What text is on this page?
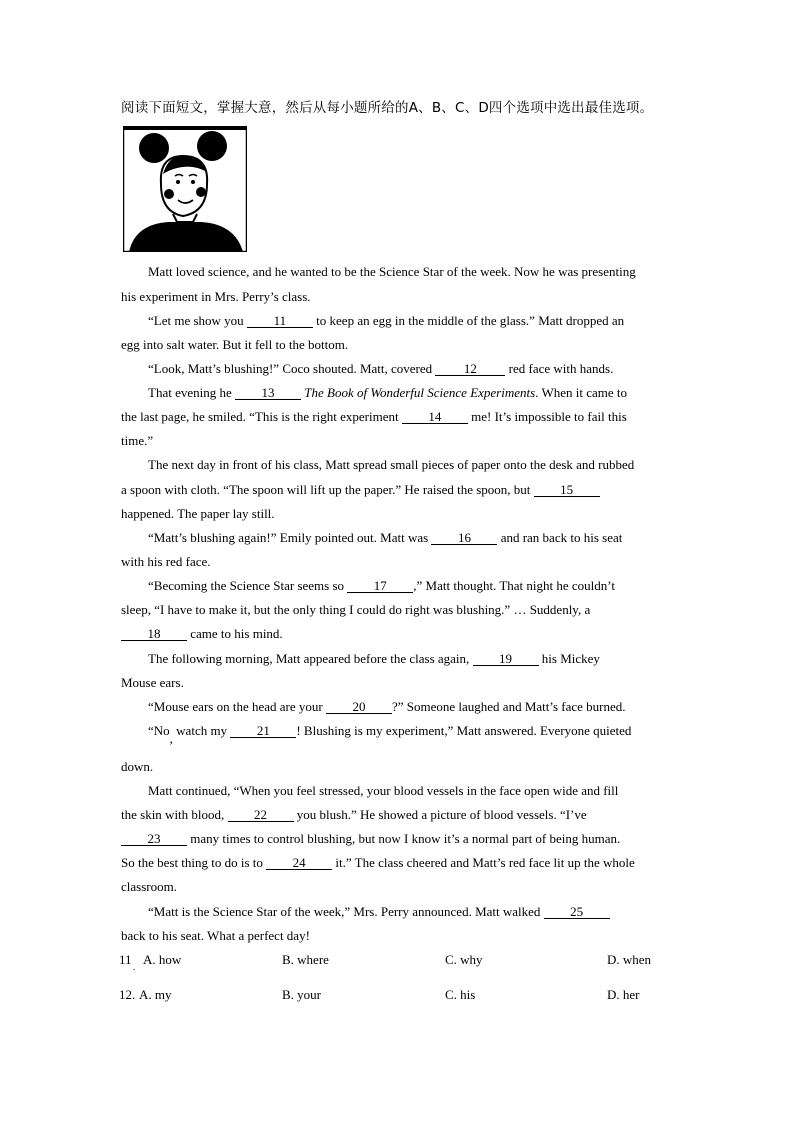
阅读下面短文，掌握大意，然后从每小题所给的A、B、C、D四个选项中选出最佳选项。
Matt loved science, and he wanted to be the Science Star of the week. Now he was presenting
his experiment in Mrs. Perry’s class.
“Let me show you 11 to keep an egg in the middle of the glass.” Matt dropped an
egg into salt water. But it fell to the bottom.
“Look, Matt’s blushing!” Coco shouted. Matt, covered 12 red face with hands.
That evening he 13 The Book of Wonderful Science Experiments. When it came to
the last page, he smiled. “This is the right experiment 14 me! It’s impossible to fail this
time.”
The next day in front of his class, Matt spread small pieces of paper onto the desk and rubbed
a spoon with cloth. “The spoon will lift up the paper.” He raised the spoon, but 15
happened. The paper lay still.
“Matt’s blushing again!” Emily pointed out. Matt was 16 and ran back to his seat
with his red face.
“Becoming the Science Star seems so 17 ,” Matt thought. That night he couldn’t
sleep, “I have to make it, but the only thing I could do right was blushing.” … Suddenly, a
18 came to his mind.
The following morning, Matt appeared before the class again, 19 his Mickey
Mouse ears.
“Mouse ears on the head are your 20 ?” Someone laughed and Matt’s face burned.
“No, watch my 21 ! Blushing is my experiment,” Matt answered. Everyone quieted
down.
Matt continued, “When you feel stressed, your blood vessels in the face open wide and fill
the skin with blood, 22 you blush.” He showed a picture of blood vessels. “I’ve
23 many times to control blushing, but now I know it’s a normal part of being human.
So the best thing to do is to 24 it.” The class cheered and Matt’s red face lit up the whole
classroom.
“Matt is the Science Star of the week,” Mrs. Perry announced. Matt walked 25
back to his seat. What a perfect day!
11 . A. how	B. where	C. why	D. when
12. A. my	B. your	C. his	D. her
